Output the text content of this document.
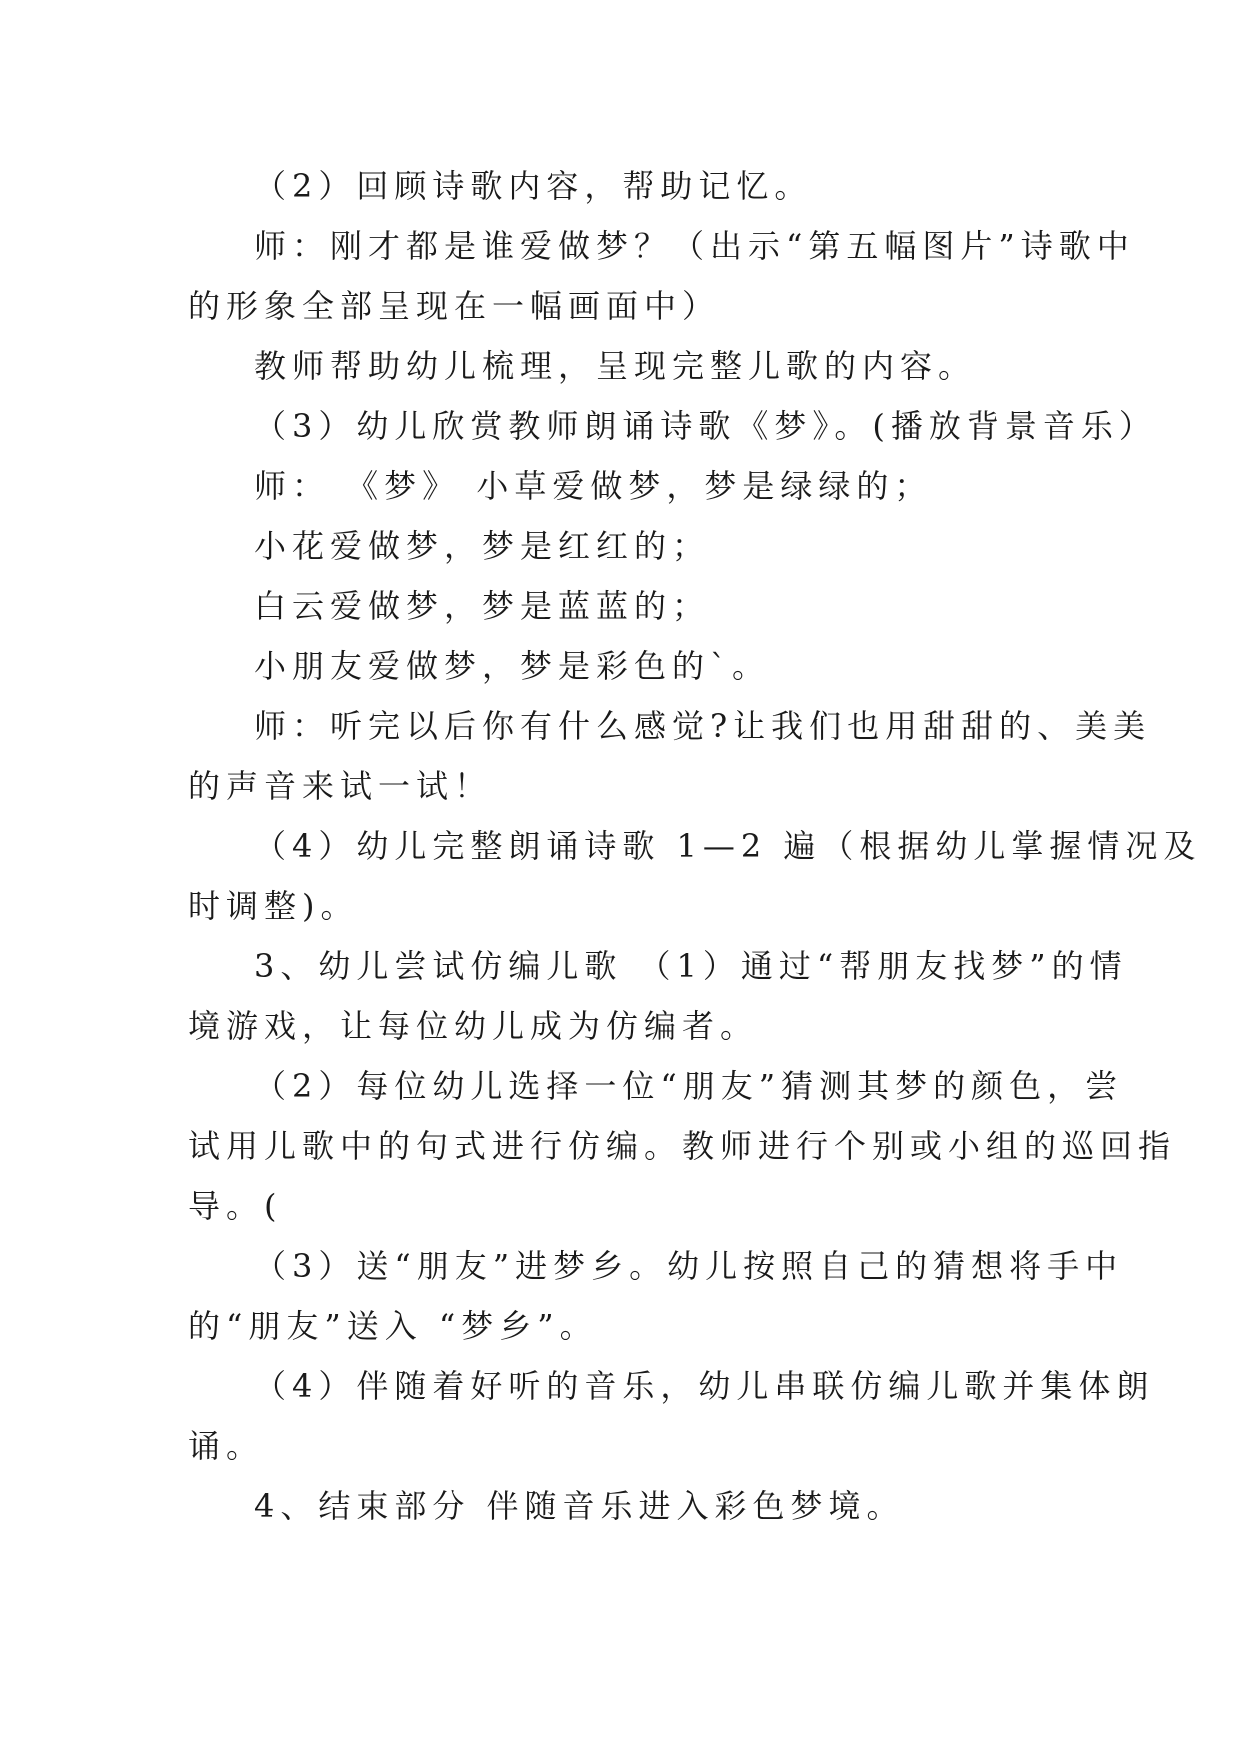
（2）回顾诗歌内容，帮助记忆。

师：刚才都是谁爱做梦？（出示“第五幅图片”诗歌中

的形象全部呈现在一幅画面中）

教师帮助幼儿梳理，呈现完整儿歌的内容。

（3）幼儿欣赏教师朗诵诗歌《梦》。(播放背景音乐）

师： 《梦》 小草爱做梦，梦是绿绿的；

小花爱做梦，梦是红红的；

白云爱做梦，梦是蓝蓝的；

小朋友爱做梦，梦是彩色的`。

师：听完以后你有什么感觉?让我们也用甜甜的、美美

的声音来试一试！

（4）幼儿完整朗诵诗歌 1—2 遍（根据幼儿掌握情况及

时调整)。

3、幼儿尝试仿编儿歌 （1）通过“帮朋友找梦”的情

境游戏，让每位幼儿成为仿编者。

（2）每位幼儿选择一位“朋友”猜测其梦的颜色，尝

试用儿歌中的句式进行仿编。教师进行个别或小组的巡回指

导。(

（3）送“朋友”进梦乡。幼儿按照自己的猜想将手中

的“朋友”送入 “梦乡”。

（4）伴随着好听的音乐，幼儿串联仿编儿歌并集体朗

诵。

4、结束部分 伴随音乐进入彩色梦境。
